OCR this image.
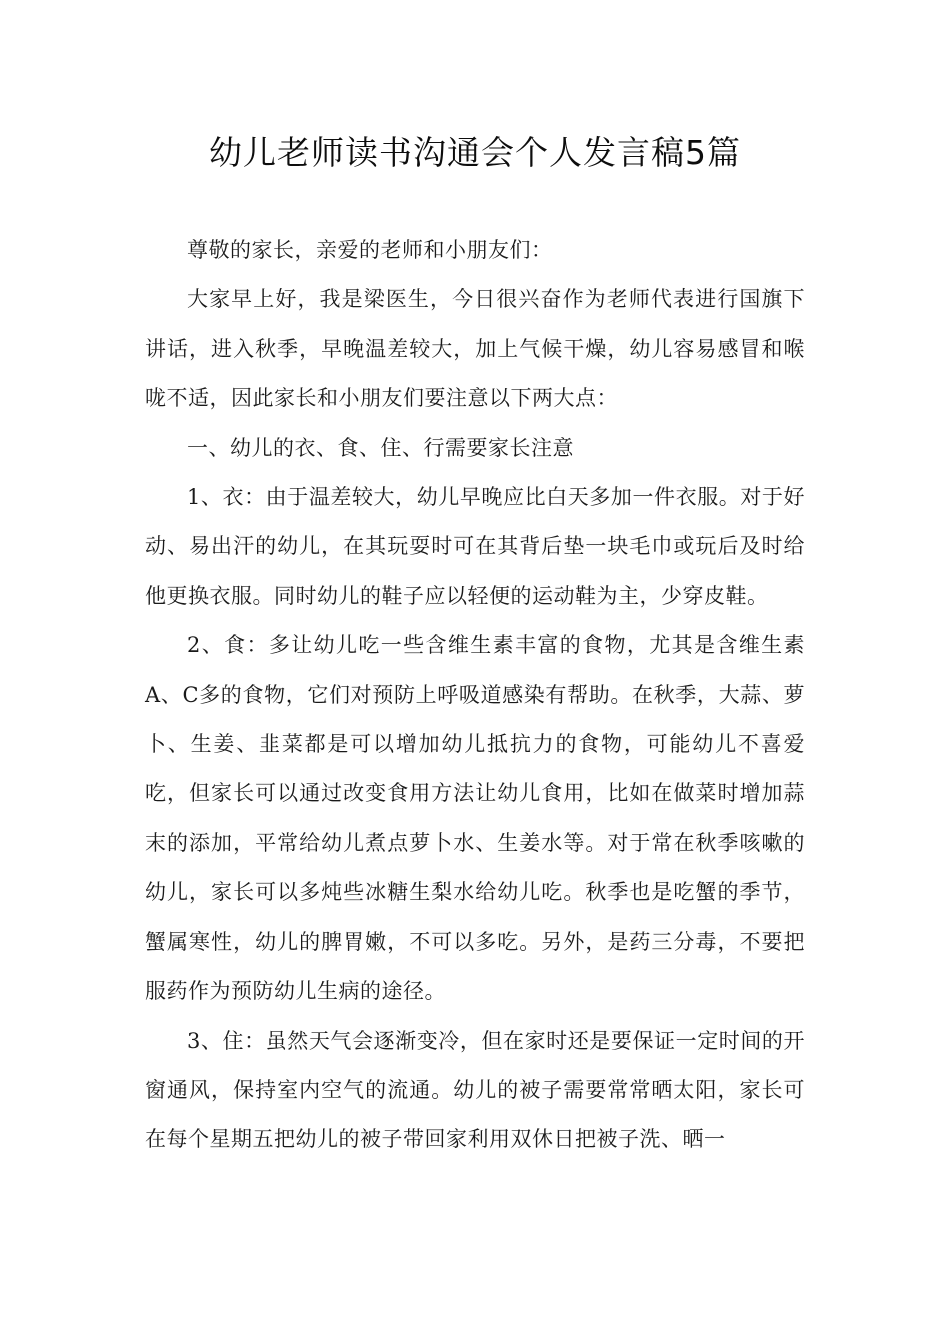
幼儿老师读书沟通会个人发言稿5篇

尊敬的家长，亲爱的老师和小朋友们：

大家早上好，我是梁医生，今日很兴奋作为老师代表进行国旗下讲话，进入秋季，早晚温差较大，加上气候干燥，幼儿容易感冒和喉咙不适，因此家长和小朋友们要注意以下两大点：

一、幼儿的衣、食、住、行需要家长注意

1、衣：由于温差较大，幼儿早晚应比白天多加一件衣服。对于好动、易出汗的幼儿，在其玩耍时可在其背后垫一块毛巾或玩后及时给他更换衣服。同时幼儿的鞋子应以轻便的运动鞋为主，少穿皮鞋。

2、食：多让幼儿吃一些含维生素丰富的食物，尤其是含维生素A、C多的食物，它们对预防上呼吸道感染有帮助。在秋季，大蒜、萝卜、生姜、韭菜都是可以增加幼儿抵抗力的食物，可能幼儿不喜爱吃，但家长可以通过改变食用方法让幼儿食用，比如在做菜时增加蒜末的添加，平常给幼儿煮点萝卜水、生姜水等。对于常在秋季咳嗽的幼儿，家长可以多炖些冰糖生梨水给幼儿吃。秋季也是吃蟹的季节，蟹属寒性，幼儿的脾胃嫩，不可以多吃。另外，是药三分毒，不要把服药作为预防幼儿生病的途径。

3、住：虽然天气会逐渐变冷，但在家时还是要保证一定时间的开窗通风，保持室内空气的流通。幼儿的被子需要常常晒太阳，家长可在每个星期五把幼儿的被子带回家利用双休日把被子洗、晒一
